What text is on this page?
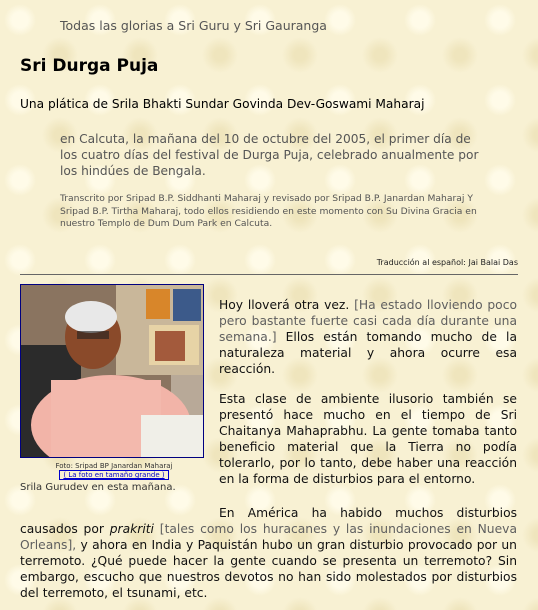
Todas las glorias a Sri Guru y Sri Gauranga
Sri Durga Puja
Una plática de Srila Bhakti Sundar Govinda Dev-Goswami Maharaj
en Calcuta, la mañana del 10 de octubre del 2005, el primer día de los cuatro días del festival de Durga Puja, celebrado anualmente por los hindúes de Bengala.
Transcrito por Sripad B.P. Siddhanti Maharaj y revisado por Sripad B.P. Janardan Maharaj Y Sripad B.P. Tirtha Maharaj, todo ellos residiendo en este momento con Su Divina Gracia en nuestro Templo de Dum Dum Park en Calcuta.
Traducción al español: Jai Balai Das
Foto: Sripad BP Janardan Maharaj
( La foto en tamaño grande )
Srila Gurudev en esta mañana.

Hoy lloverá otra vez. [Ha estado lloviendo poco pero bastante fuerte casi cada día durante una semana.] Ellos están tomando mucho de la naturaleza material y ahora ocurre esa reacción.

Esta clase de ambiente ilusorio también se presentó hace mucho en el tiempo de Sri Chaitanya Mahaprabhu. La gente tomaba tanto beneficio material que la Tierra no podía tolerarlo, por lo tanto, debe haber una reacción en la forma de disturbios para el entorno.

En América ha habido muchos disturbios causados por prakriti [tales como los huracanes y las inundaciones en Nueva Orleans], y ahora en India y Paquistán hubo un gran disturbio provocado por un terremoto. ¿Qué puede hacer la gente cuando se presenta un terremoto? Sin embargo, escucho que nuestros devotos no han sido molestados por disturbios del terremoto, el tsunami, etc.
